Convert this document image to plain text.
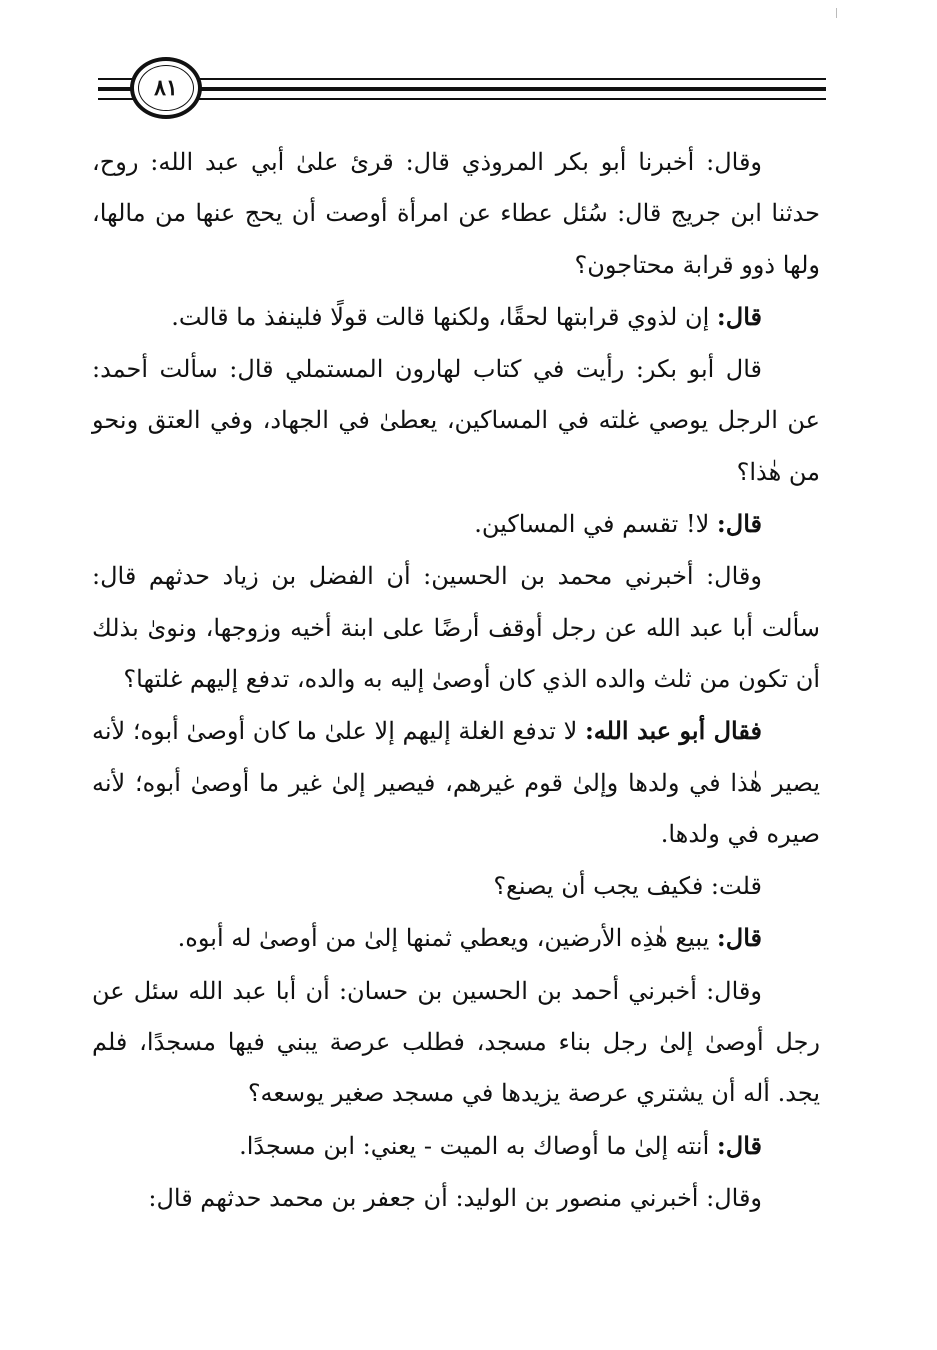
٨١

وقال: أخبرنا أبو بكر المروذي قال: قرئ علىٰ أبي عبد الله: روح، حدثنا ابن جريج قال: سُئل عطاء عن امرأة أوصت أن يحج عنها من مالها، ولها ذوو قرابة محتاجون؟

قال: إن لذوي قرابتها لحقًا، ولكنها قالت قولًا فلينفذ ما قالت.

قال أبو بكر: رأيت في كتاب لهارون المستملي قال: سألت أحمد: عن الرجل يوصي غلته في المساكين، يعطىٰ في الجهاد، وفي العتق ونحو من هٰذا؟

قال: لا! تقسم في المساكين.

وقال: أخبرني محمد بن الحسين: أن الفضل بن زياد حدثهم قال: سألت أبا عبد الله عن رجل أوقف أرضًا على ابنة أخيه وزوجها، ونوىٰ بذلك أن تكون من ثلث والده الذي كان أوصىٰ إليه به والده، تدفع إليهم غلتها؟

فقال أبو عبد الله: لا تدفع الغلة إليهم إلا علىٰ ما كان أوصىٰ أبوه؛ لأنه يصير هٰذا في ولدها وإلىٰ قوم غيرهم، فيصير إلىٰ غير ما أوصىٰ أبوه؛ لأنه صيره في ولدها.

قلت: فكيف يجب أن يصنع؟

قال: يبيع هٰذِه الأرضين، ويعطي ثمنها إلىٰ من أوصىٰ له أبوه.

وقال: أخبرني أحمد بن الحسين بن حسان: أن أبا عبد الله سئل عن رجل أوصىٰ إلىٰ رجل بناء مسجد، فطلب عرصة يبني فيها مسجدًا، فلم يجد. أله أن يشتري عرصة يزيدها في مسجد صغير يوسعه؟

قال: أنته إلىٰ ما أوصاك به الميت - يعني: ابن مسجدًا.

وقال: أخبرني منصور بن الوليد: أن جعفر بن محمد حدثهم قال:
